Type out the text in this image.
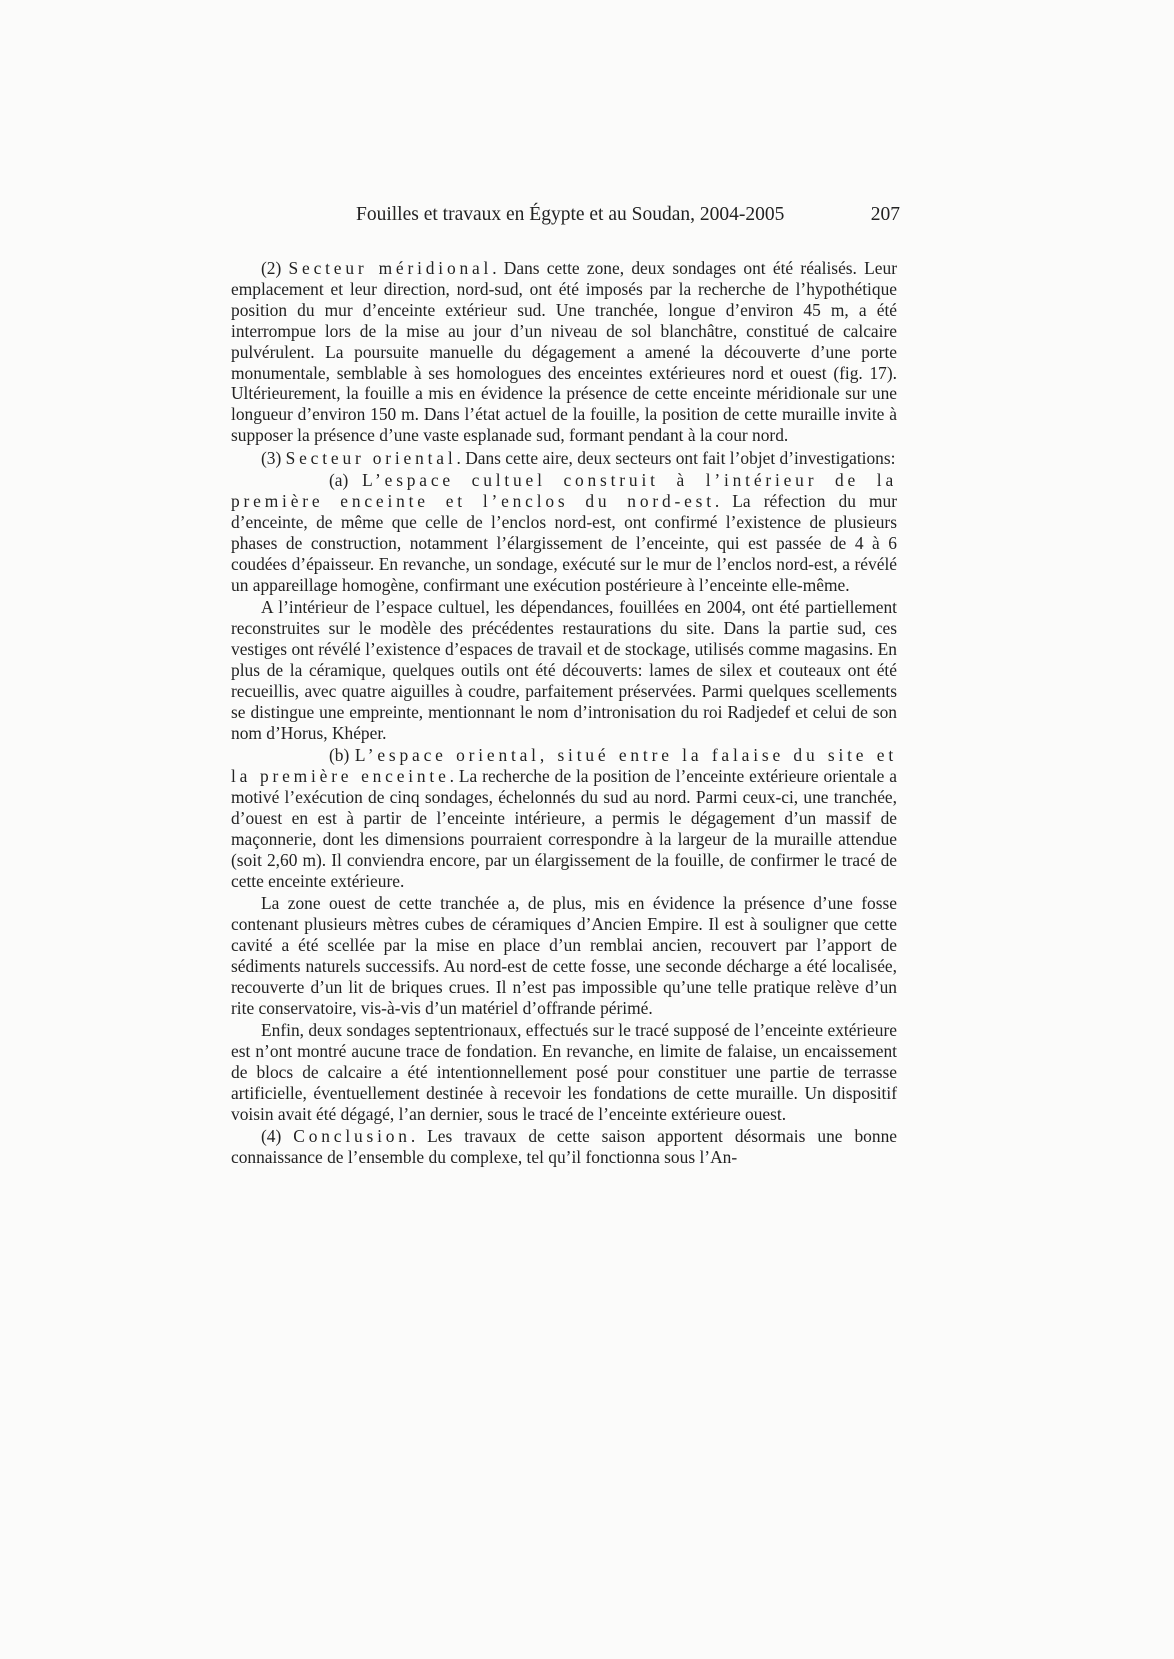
Fouilles et travaux en Égypte et au Soudan, 2004-2005	207

(2) Secteur méridional. Dans cette zone, deux sondages ont été réalisés. Leur emplacement et leur direction, nord-sud, ont été imposés par la recherche de l’hypothétique position du mur d’enceinte extérieur sud. Une tranchée, longue d’environ 45 m, a été interrompue lors de la mise au jour d’un niveau de sol blanchâtre, constitué de calcaire pulvérulent. La poursuite manuelle du dégagement a amené la découverte d’une porte monumentale, semblable à ses homologues des enceintes extérieures nord et ouest (fig. 17). Ultérieurement, la fouille a mis en évidence la présence de cette enceinte méridionale sur une longueur d’environ 150 m. Dans l’état actuel de la fouille, la position de cette muraille invite à supposer la présence d’une vaste esplanade sud, formant pendant à la cour nord.

(3) Secteur oriental. Dans cette aire, deux secteurs ont fait l’objet d’investigations:

(a) L’espace cultuel construit à l’intérieur de la première enceinte et l’enclos du nord-est. La réfection du mur d’enceinte, de même que celle de l’enclos nord-est, ont confirmé l’existence de plusieurs phases de construction, notamment l’élargissement de l’enceinte, qui est passée de 4 à 6 coudées d’épaisseur. En revanche, un sondage, exécuté sur le mur de l’enclos nord-est, a révélé un appareillage homogène, confirmant une exécution postérieure à l’enceinte elle-même.

A l’intérieur de l’espace cultuel, les dépendances, fouillées en 2004, ont été partiellement reconstruites sur le modèle des précédentes restaurations du site. Dans la partie sud, ces vestiges ont révélé l’existence d’espaces de travail et de stockage, utilisés comme magasins. En plus de la céramique, quelques outils ont été découverts: lames de silex et couteaux ont été recueillis, avec quatre aiguilles à coudre, parfaitement préservées. Parmi quelques scellements se distingue une empreinte, mentionnant le nom d’intronisation du roi Radjedef et celui de son nom d’Horus, Khéper.

(b) L’espace oriental, situé entre la falaise du site et la première enceinte. La recherche de la position de l’enceinte extérieure orientale a motivé l’exécution de cinq sondages, échelonnés du sud au nord. Parmi ceux-ci, une tranchée, d’ouest en est à partir de l’enceinte intérieure, a permis le dégagement d’un massif de maçonnerie, dont les dimensions pourraient correspondre à la largeur de la muraille attendue (soit 2,60 m). Il conviendra encore, par un élargissement de la fouille, de confirmer le tracé de cette enceinte extérieure.

La zone ouest de cette tranchée a, de plus, mis en évidence la présence d’une fosse contenant plusieurs mètres cubes de céramiques d’Ancien Empire. Il est à souligner que cette cavité a été scellée par la mise en place d’un remblai ancien, recouvert par l’apport de sédiments naturels successifs. Au nord-est de cette fosse, une seconde décharge a été localisée, recouverte d’un lit de briques crues. Il n’est pas impossible qu’une telle pratique relève d’un rite conservatoire, vis-à-vis d’un matériel d’offrande périmé.

Enfin, deux sondages septentrionaux, effectués sur le tracé supposé de l’enceinte extérieure est n’ont montré aucune trace de fondation. En revanche, en limite de falaise, un encaissement de blocs de calcaire a été intentionnellement posé pour constituer une partie de terrasse artificielle, éventuellement destinée à recevoir les fondations de cette muraille. Un dispositif voisin avait été dégagé, l’an dernier, sous le tracé de l’enceinte extérieure ouest.

(4) Conclusion. Les travaux de cette saison apportent désormais une bonne connaissance de l’ensemble du complexe, tel qu’il fonctionna sous l’An-
